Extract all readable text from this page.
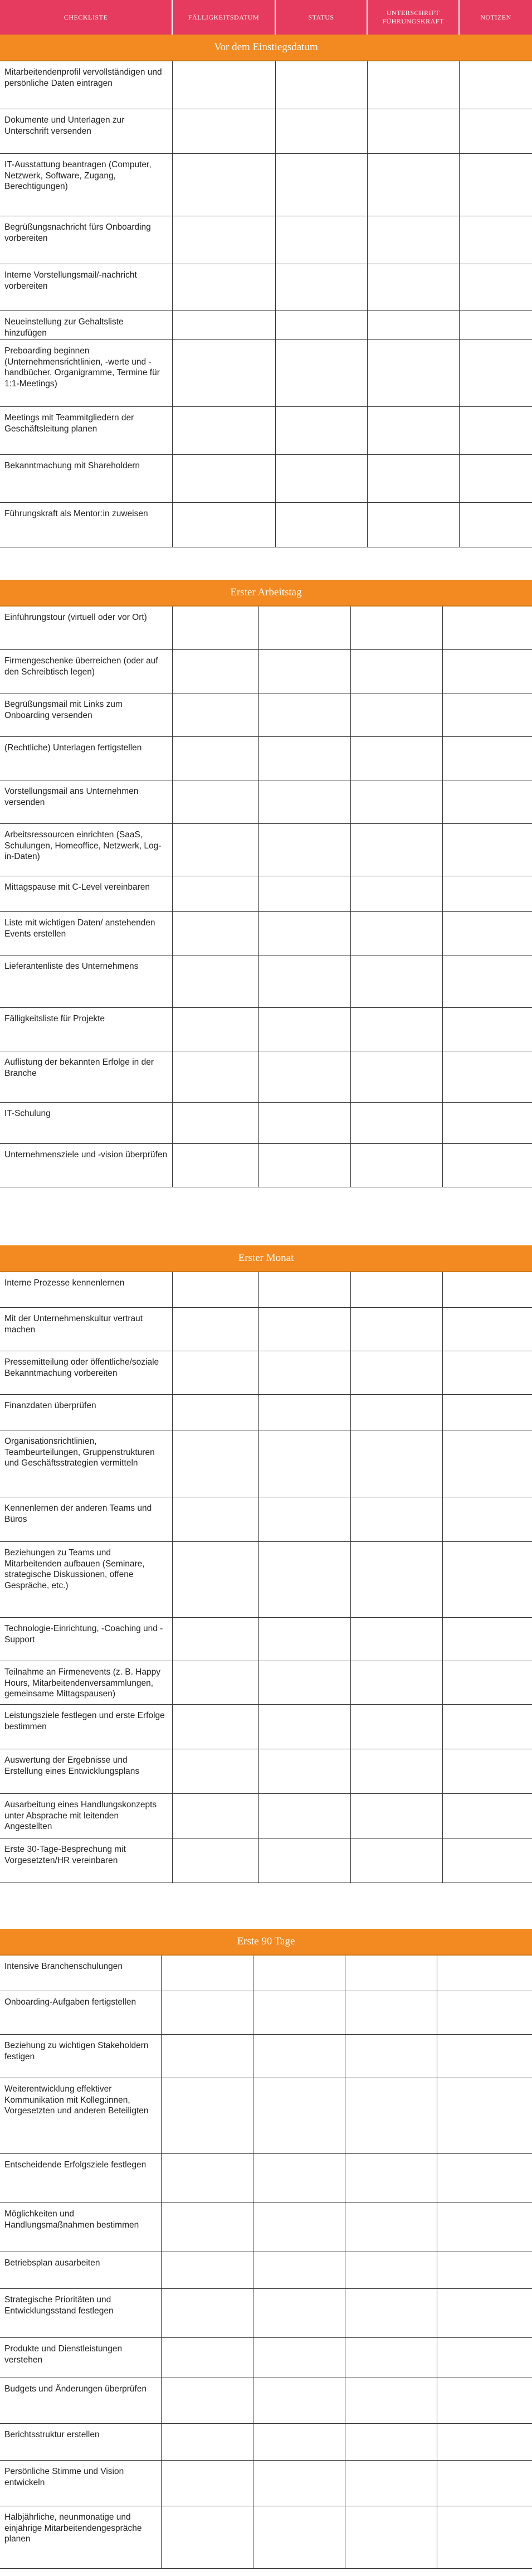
CHECKLISTE	FÄLLIGKEITSDATUM	STATUS
UNTERSCHRIFT FÜHRUNGSKRAFT
NOTIZEN
Vor dem Einstiegsdatum
Mitarbeitendenprofil vervollständigen und persönliche Daten eintragen
Dokumente und Unterlagen zur Unterschrift versenden
IT-Ausstattung beantragen (Computer, Netzwerk, Software, Zugang, Berechtigungen)
Begrüßungsnachricht fürs Onboarding vorbereiten
Interne Vorstellungsmail/-nachricht vorbereiten
Neueinstellung zur Gehaltsliste hinzufügen
Preboarding beginnen (Unternehmensrichtlinien, -werte und -handbücher, Organigramme, Termine für 1:1-Meetings)
Meetings mit Teammitgliedern der Geschäftsleitung planen
Bekanntmachung mit Shareholdern
Führungskraft als Mentor:in zuweisen
Erster Arbeitstag
Einführungstour (virtuell oder vor Ort)
Firmengeschenke überreichen (oder auf den Schreibtisch legen)
Begrüßungsmail mit Links zum Onboarding versenden
(Rechtliche) Unterlagen fertigstellen
Vorstellungsmail ans Unternehmen versenden
Arbeitsressourcen einrichten (SaaS, Schulungen, Homeoffice, Netzwerk, Log-in-Daten)
Mittagspause mit C-Level vereinbaren
Liste mit wichtigen Daten/ anstehenden Events erstellen
Lieferantenliste des Unternehmens
Fälligkeitsliste für Projekte
Auflistung der bekannten Erfolge in der Branche
IT-Schulung
Unternehmensziele und -vision überprüfen
Erster Monat
Interne Prozesse kennenlernen
Mit der Unternehmenskultur vertraut machen
Pressemitteilung oder öffentliche/soziale Bekanntmachung vorbereiten
Finanzdaten überprüfen
Organisationsrichtlinien, Teambeurteilungen, Gruppenstrukturen und Geschäftsstrategien vermitteln
Kennenlernen der anderen Teams und Büros
Beziehungen zu Teams und Mitarbeitenden aufbauen (Seminare, strategische Diskussionen, offene Gespräche, etc.)
Technologie-Einrichtung, -Coaching und -Support
Teilnahme an Firmenevents (z. B. Happy Hours, Mitarbeitendenversammlungen, gemeinsame Mittagspausen)
Leistungsziele festlegen und erste Erfolge bestimmen
Auswertung der Ergebnisse und Erstellung eines Entwicklungsplans
Ausarbeitung eines Handlungskonzepts unter Absprache mit leitenden Angestellten
Erste 30-Tage-Besprechung mit Vorgesetzten/HR vereinbaren
Erste 90 Tage
Intensive Branchenschulungen
Onboarding-Aufgaben fertigstellen
Beziehung zu wichtigen Stakeholdern festigen
Weiterentwicklung effektiver Kommunikation mit Kolleg:innen, Vorgesetzten und anderen Beteiligten
Entscheidende Erfolgsziele festlegen
Möglichkeiten und Handlungsmaßnahmen bestimmen
Betriebsplan ausarbeiten
Strategische Prioritäten und Entwicklungsstand festlegen
Produkte und Dienstleistungen verstehen
Budgets und Änderungen überprüfen
Berichtsstruktur erstellen
Persönliche Stimme und Vision entwickeln
Halbjährliche, neunmonatige und einjährige Mitarbeitendengespräche planen
